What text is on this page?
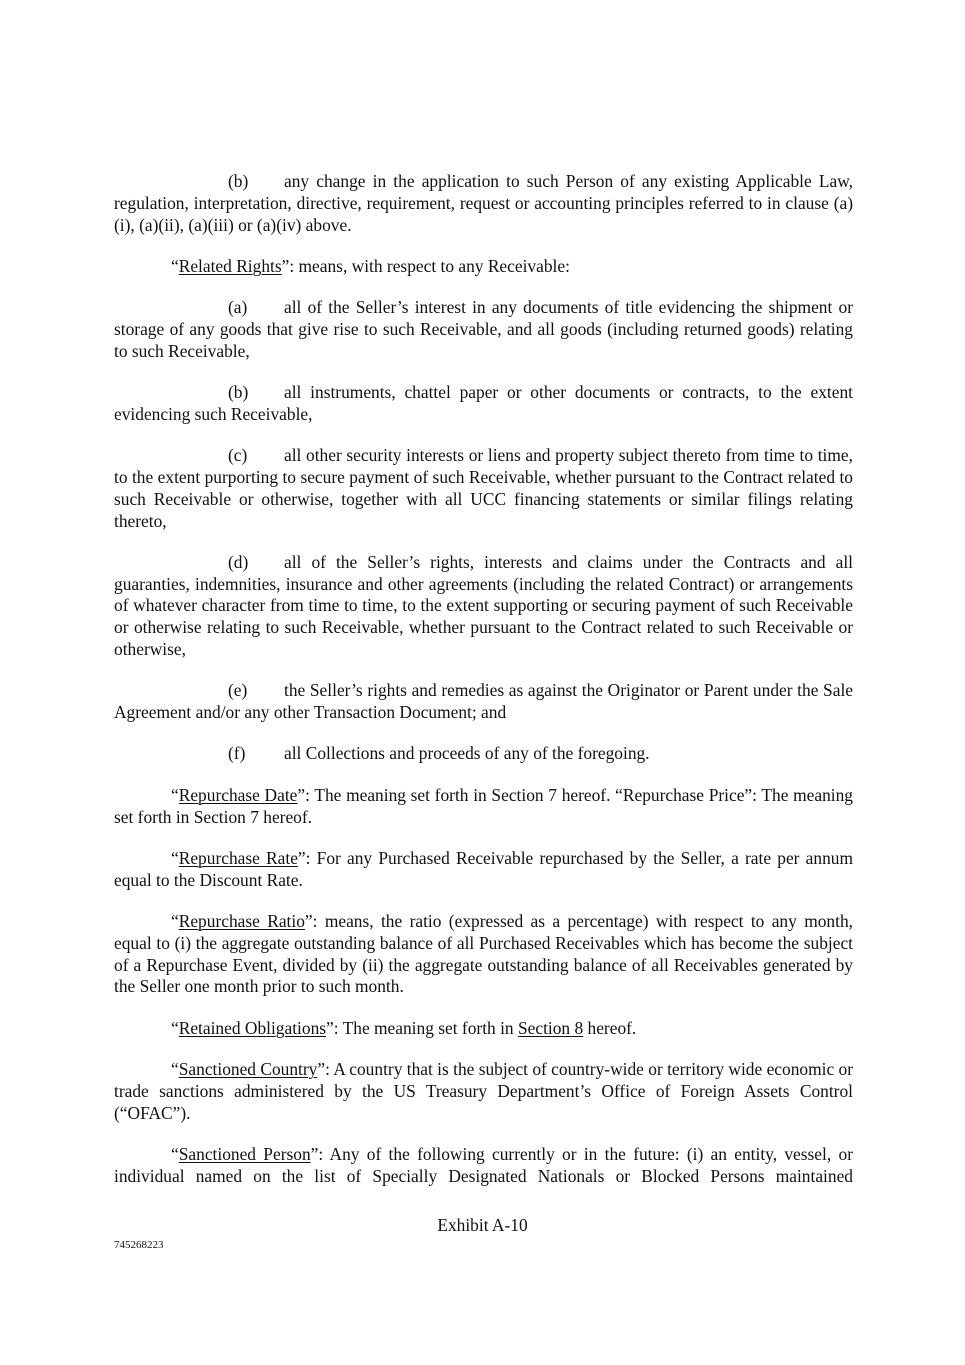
(b) any change in the application to such Person of any existing Applicable Law, regulation, interpretation, directive, requirement, request or accounting principles referred to in clause (a)(i), (a)(ii), (a)(iii) or (a)(iv) above.

“Related Rights”: means, with respect to any Receivable:

(a) all of the Seller’s interest in any documents of title evidencing the shipment or storage of any goods that give rise to such Receivable, and all goods (including returned goods) relating to such Receivable,

(b) all instruments, chattel paper or other documents or contracts, to the extent evidencing such Receivable,

(c) all other security interests or liens and property subject thereto from time to time, to the extent purporting to secure payment of such Receivable, whether pursuant to the Contract related to such Receivable or otherwise, together with all UCC financing statements or similar filings relating thereto,

(d) all of the Seller’s rights, interests and claims under the Contracts and all guaranties, indemnities, insurance and other agreements (including the related Contract) or arrangements of whatever character from time to time, to the extent supporting or securing payment of such Receivable or otherwise relating to such Receivable, whether pursuant to the Contract related to such Receivable or otherwise,

(e) the Seller’s rights and remedies as against the Originator or Parent under the Sale Agreement and/or any other Transaction Document; and

(f) all Collections and proceeds of any of the foregoing.

“Repurchase Date”: The meaning set forth in Section 7 hereof. “Repurchase Price”: The meaning set forth in Section 7 hereof.

“Repurchase Rate”: For any Purchased Receivable repurchased by the Seller, a rate per annum equal to the Discount Rate.

“Repurchase Ratio”: means, the ratio (expressed as a percentage) with respect to any month, equal to (i) the aggregate outstanding balance of all Purchased Receivables which has become the subject of a Repurchase Event, divided by (ii) the aggregate outstanding balance of all Receivables generated by the Seller one month prior to such month.

“Retained Obligations”: The meaning set forth in Section 8 hereof.

“Sanctioned Country”: A country that is the subject of country-wide or territory wide economic or trade sanctions administered by the US Treasury Department’s Office of Foreign Assets Control (“OFAC”).

“Sanctioned Person”: Any of the following currently or in the future: (i) an entity, vessel, or individual named on the list of Specially Designated Nationals or Blocked Persons maintained

Exhibit A-10
745268223
